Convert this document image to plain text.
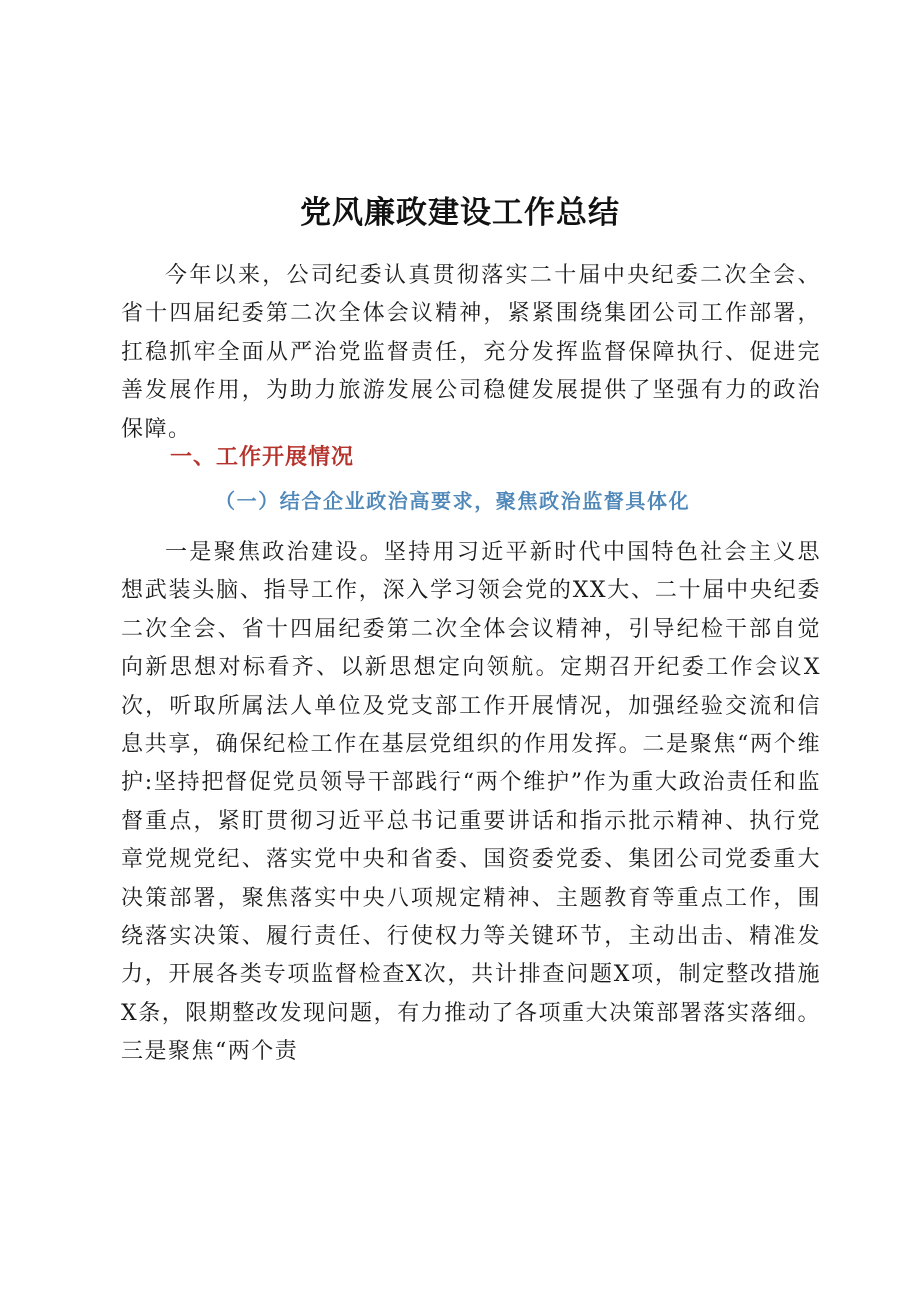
党风廉政建设工作总结

今年以来，公司纪委认真贯彻落实二十届中央纪委二次全会、省十四届纪委第二次全体会议精神，紧紧围绕集团公司工作部署，扛稳抓牢全面从严治党监督责任，充分发挥监督保障执行、促进完善发展作用，为助力旅游发展公司稳健发展提供了坚强有力的政治保障。

一、工作开展情况
（一）结合企业政治高要求，聚焦政治监督具体化

一是聚焦政治建设。坚持用习近平新时代中国特色社会主义思想武装头脑、指导工作，深入学习领会党的XX大、二十届中央纪委二次全会、省十四届纪委第二次全体会议精神，引导纪检干部自觉向新思想对标看齐、以新思想定向领航。定期召开纪委工作会议X次，听取所属法人单位及党支部工作开展情况，加强经验交流和信息共享，确保纪检工作在基层党组织的作用发挥。二是聚焦“两个维护:坚持把督促党员领导干部践行“两个维护”作为重大政治责任和监督重点，紧盯贯彻习近平总书记重要讲话和指示批示精神、执行党章党规党纪、落实党中央和省委、国资委党委、集团公司党委重大决策部署，聚焦落实中央八项规定精神、主题教育等重点工作，围绕落实决策、履行责任、行使权力等关键环节，主动出击、精准发力，开展各类专项监督检查X次，共计排查问题X项，制定整改措施X条，限期整改发现问题，有力推动了各项重大决策部署落实落细。三是聚焦“两个责
